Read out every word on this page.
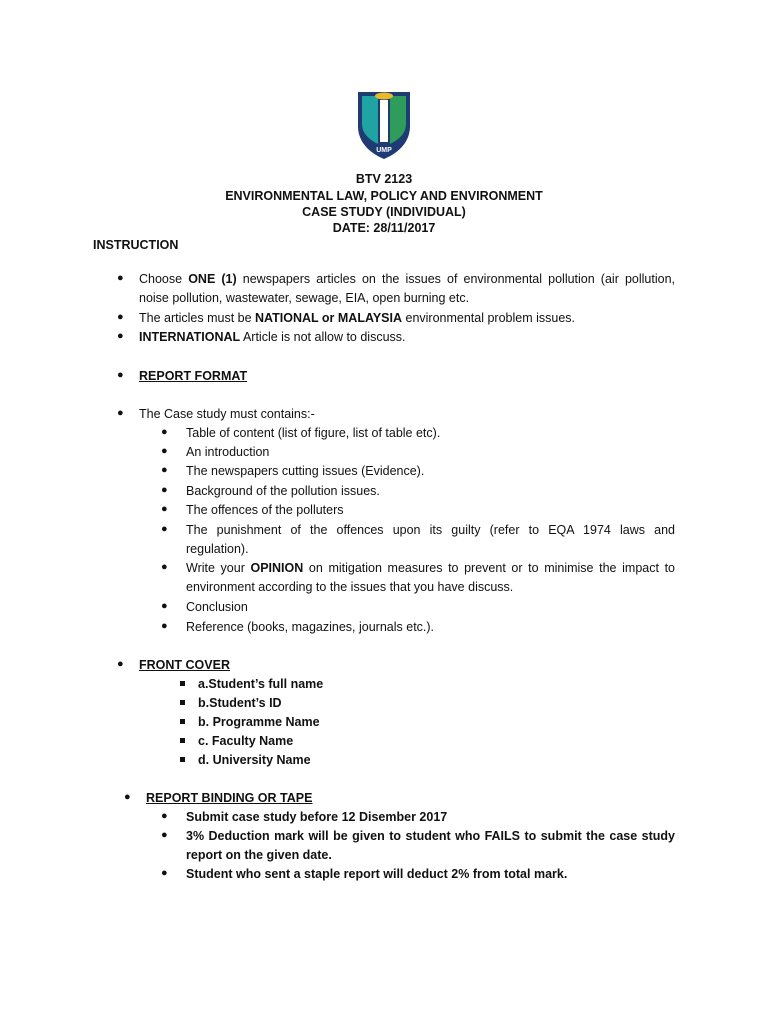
UMP
BTV 2123
ENVIRONMENTAL LAW, POLICY AND ENVIRONMENT
CASE STUDY (INDIVIDUAL)
DATE: 28/11/2017
INSTRUCTION
● Choose ONE (1) newspapers articles on the issues of environmental pollution (air pollution,
noise pollution, wastewater, sewage, EIA, open burning etc.
● The articles must be NATIONAL or MALAYSIA environmental problem issues.
● INTERNATIONAL Article is not allow to discuss.
● REPORT FORMAT
● The Case study must contains:-
● Table of content (list of figure, list of table etc).
● An introduction
● The newspapers cutting issues (Evidence).
● Background of the pollution issues.
● The offences of the polluters
● The punishment of the offences upon its guilty (refer to EQA 1974 laws and
regulation).
● Write your OPINION on mitigation measures to prevent or to minimise the impact to
environment according to the issues that you have discuss.
● Conclusion
● Reference (books, magazines, journals etc.).
● FRONT COVER
a.Student’s full name
b.Student’s ID
b. Programme Name
c. Faculty Name
d. University Name
● REPORT BINDING OR TAPE
● Submit case study before 12 Disember 2017
● 3% Deduction mark will be given to student who FAILS to submit the case study
report on the given date.
● Student who sent a staple report will deduct 2% from total mark.
